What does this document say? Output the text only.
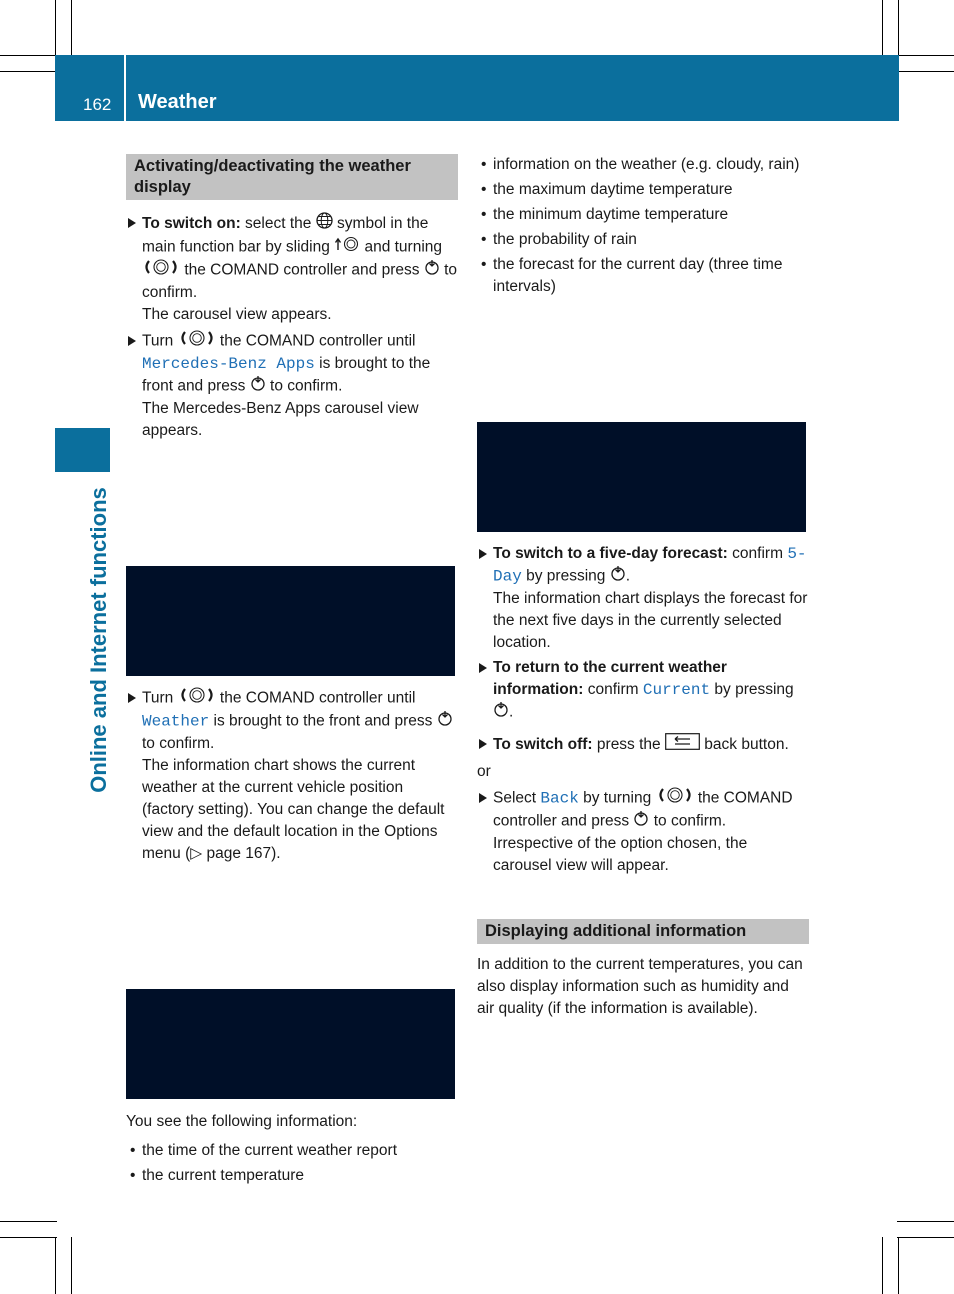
162 Weather
Online and Internet functions
Activating/deactivating the weather display

To switch on: select the symbol in the main function bar by sliding and turning  the COMAND controller and press to confirm.

The carousel view appears.

Turn	the COMAND controller until Mercedes-Benz Apps is brought to the front and press to confirm.

The Mercedes-Benz Apps carousel view appears.

Turn	the COMAND controller until Weather is brought to the front and press  to confirm.

The information chart shows the current weather at the current vehicle position (factory setting). You can change the default view and the default location in the Options menu (▷ page 167).

You see the following information:

• the time of the current weather report

• the current temperature

• information on the weather (e.g. cloudy, rain)

• the maximum daytime temperature

• the minimum daytime temperature

• the probability of rain

• the forecast for the current day (three time intervals)

To switch to a five-day forecast: confirm 5-Day by pressing .

The information chart displays the forecast for the next five days in the currently selected location.

To return to the current weather information: confirm Current by pressing .

To switch off: press the	back button.

or

Select Back by turning	the COMAND controller and press to confirm.

Irrespective of the option chosen, the carousel view will appear.

Displaying additional information

In addition to the current temperatures, you can also display information such as humidity and air quality (if the information is available).
